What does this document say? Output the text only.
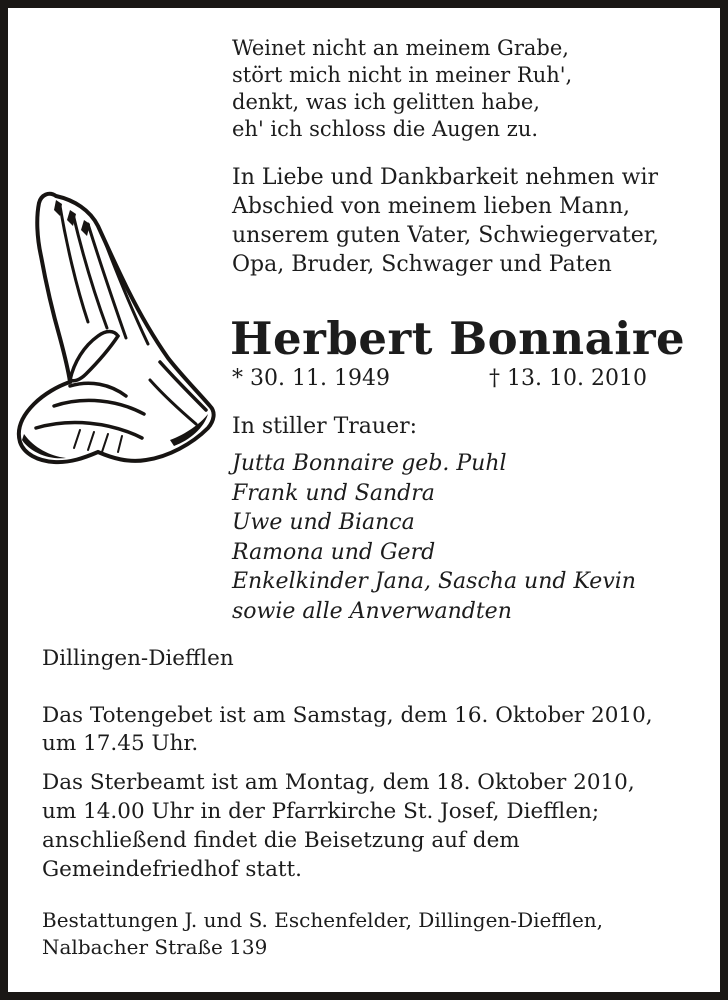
Weinet nicht an meinem Grabe,
stört mich nicht in meiner Ruh',
denkt, was ich gelitten habe,
eh' ich schloss die Augen zu.
In Liebe und Dankbarkeit nehmen wir
Abschied von meinem lieben Mann,
unserem guten Vater, Schwiegervater,
Opa, Bruder, Schwager und Paten
Herbert Bonnaire
* 30. 11. 1949	† 13. 10. 2010
In stiller Trauer:
Jutta Bonnaire geb. Puhl
Frank und Sandra
Uwe und Bianca
Ramona und Gerd
Enkelkinder Jana, Sascha und Kevin
sowie alle Anverwandten
Dillingen-Diefflen
Das Totengebet ist am Samstag, dem 16. Oktober 2010,
um 17.45 Uhr.
Das Sterbeamt ist am Montag, dem 18. Oktober 2010,
um 14.00 Uhr in der Pfarrkirche St. Josef, Diefflen;
anschließend findet die Beisetzung auf dem
Gemeindefriedhof statt.
Bestattungen J. und S. Eschenfelder, Dillingen-Diefflen,
Nalbacher Straße 139
